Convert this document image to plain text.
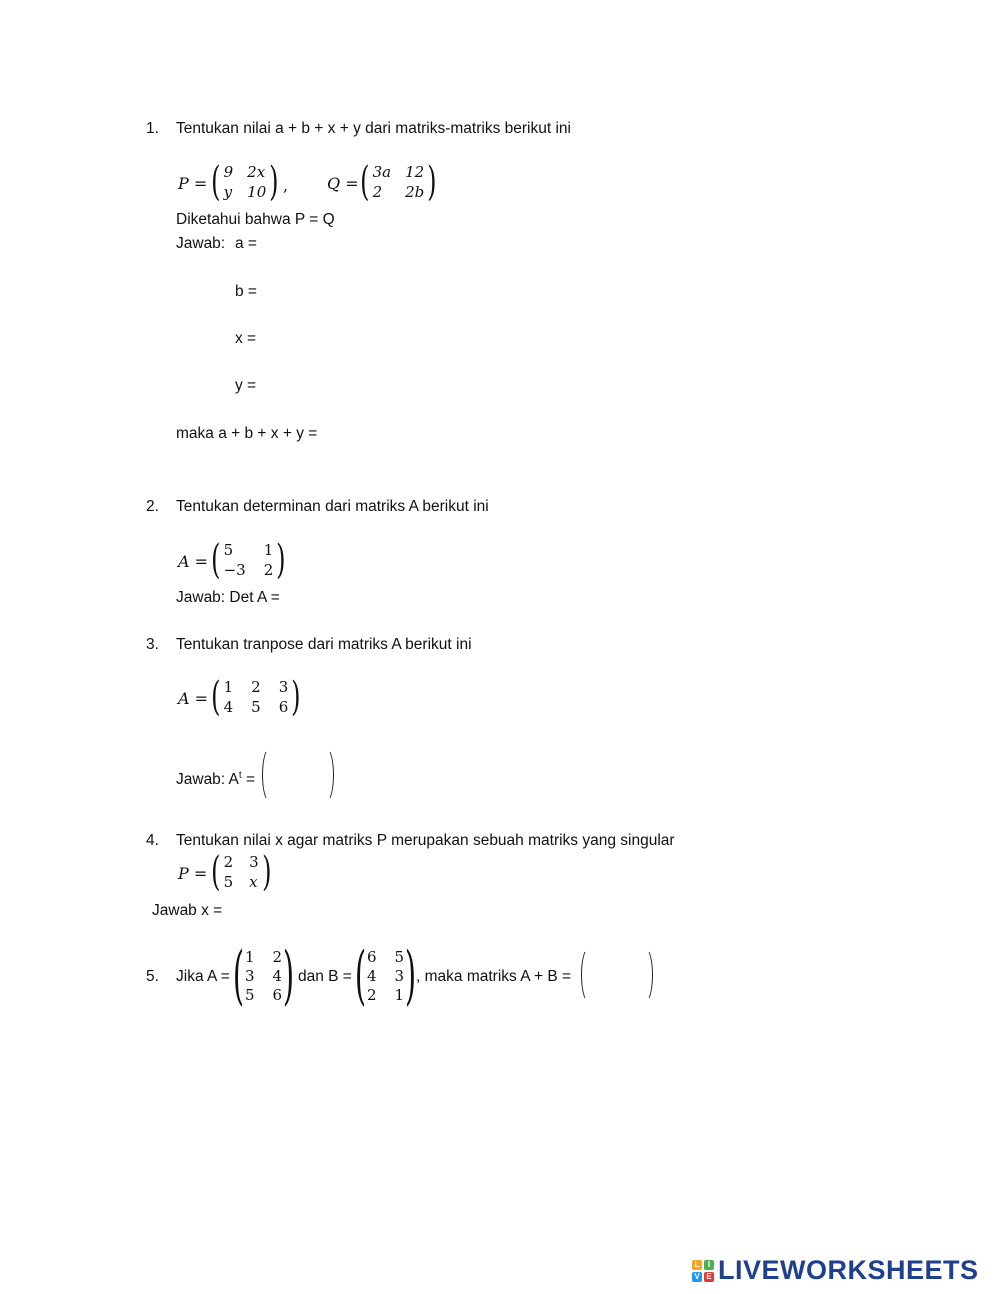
1. Tentukan nilai a + b + x + y dari matriks-matriks berikut ini
P = ( 9 2x
y 10 ) , Q = ( 3a 12
2	2b )
Diketahui bahwa P = Q
Jawab: a =
b =
x =
y =
maka a + b + x + y =
2. Tentukan determinan dari matriks A berikut ini
A = ( 5	1
−3 2 )
Jawab: Det A =
3. Tentukan tranpose dari matriks A berikut ini
A = ( 1 2 3
4 5 6 )
Jawab: $A^t$ =
4. Tentukan nilai x agar matriks P merupakan sebuah matriks yang singular
P = ( 2 3
5 x )
Jawab x =
5. Jika A = ( 1 2
3 4
5 6 ) dan B = ( 6 5
4 3
2 1 ) , maka matriks A + B =
L	I
V E LIVEWORKSHEETS
